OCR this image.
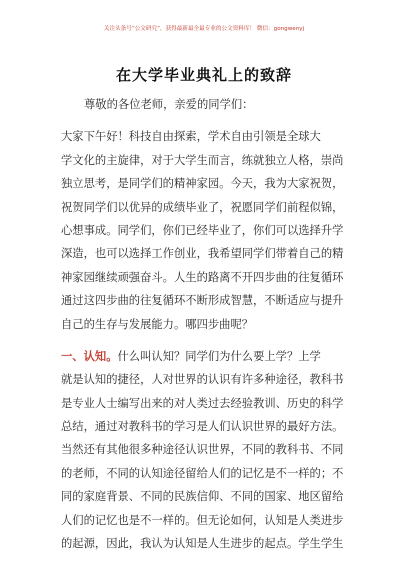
关注头条号“公文研究”，获得最新最全最专业的公文资料库！ 微信：gongwenyj
在大学毕业典礼上的致辞
尊敬的各位老师，亲爱的同学们：
大家下午好！科技自由探索，学术自由引领是全球大
学文化的主旋律，对于大学生而言，练就独立人格，崇尚
独立思考，是同学们的精神家园。今天，我为大家祝贺，
祝贺同学们以优异的成绩毕业了，祝愿同学们前程似锦，
心想事成。同学们，你们已经毕业了，你们可以选择升学
深造，也可以选择工作创业，我希望同学们带着自己的精
神家园继续顽强奋斗。人生的路离不开四步曲的往复循环
通过这四步曲的往复循环不断形成智慧，不断适应与提升
自己的生存与发展能力。哪四步曲呢？
一、认知。什么叫认知？同学们为什么要上学？上学
就是认知的捷径，人对世界的认识有许多种途径，教科书
是专业人士编写出来的对人类过去经验教训、历史的科学
总结，通过对教科书的学习是人们认识世界的最好方法。
当然还有其他很多种途径认识世界，不同的教科书、不同
的老师，不同的认知途径留给人们的记忆是不一样的；不
同的家庭背景、不同的民族信仰、不同的国家、地区留给
人们的记忆也是不一样的。但无论如何，认知是人类进步
的起源，因此，我认为认知是人生进步的起点。学生学生
